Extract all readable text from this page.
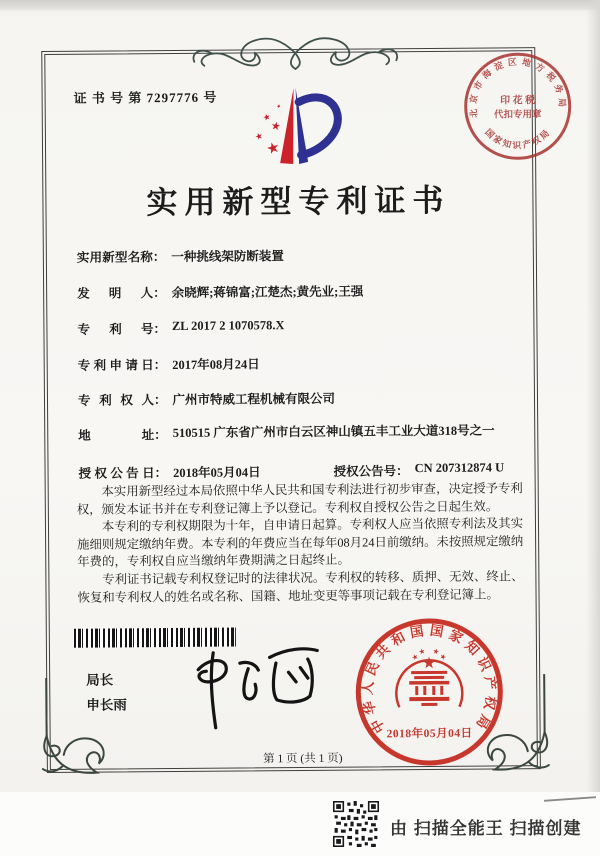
证 书 号 第 7297776 号
北京市海淀区地方税务局
国家知识产权局
印 花 税
代扣专用章
实用新型专利证书
实用新型名称： 一种挑线架防断装置
发明人： 余晓辉;蒋锦富;江楚杰;黄先业;王强
专利号： ZL 2017 2 1070578.X
专利申请日： 2017年08月24日
专利权人： 广州市特威工程机械有限公司
地址： 510515 广东省广州市白云区神山镇五丰工业大道318号之一
授权公告日： 2018年05月04日	授权公告号： CN 207312874 U

本实用新型经过本局依照中华人民共和国专利法进行初步审查，决定授予专利权，颁发本证书并在专利登记簿上予以登记。专利权自授权公告之日起生效。

本专利的专利权期限为十年，自申请日起算。专利权人应当依照专利法及其实施细则规定缴纳年费。本专利的年费应当在每年08月24日前缴纳。未按照规定缴纳年费的，专利权自应当缴纳年费期满之日起终止。

专利证书记载专利权登记时的法律状况。专利权的转移、质押、无效、终止、恢复和专利权人的姓名或名称、国籍、地址变更等事项记载在专利登记簿上。

局长
申长雨
中华人民共和国国家知识产权局
2018年05月04日
第 1 页 (共 1 页)
由 扫描全能王 扫描创建
